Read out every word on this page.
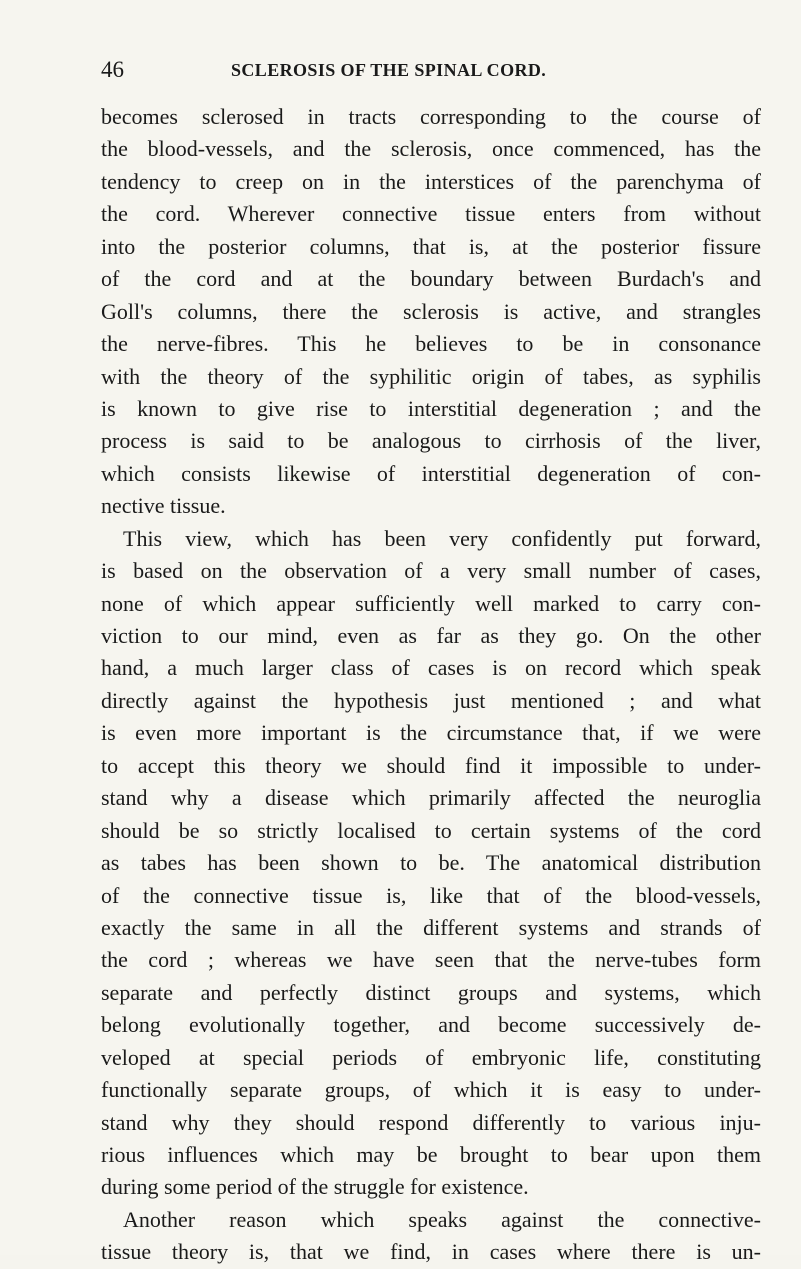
46	SCLEROSIS OF THE SPINAL CORD.
becomes sclerosed in tracts corresponding to the course of
the blood-vessels, and the sclerosis, once commenced, has the
tendency to creep on in the interstices of the parenchyma of
the cord. Wherever connective tissue enters from without
into the posterior columns, that is, at the posterior fissure
of the cord and at the boundary between Burdach's and
Goll's columns, there the sclerosis is active, and strangles
the nerve-fibres. This he believes to be in consonance
with the theory of the syphilitic origin of tabes, as syphilis
is known to give rise to interstitial degeneration ; and the
process is said to be analogous to cirrhosis of the liver,
which consists likewise of interstitial degeneration of con-
nective tissue.
This view, which has been very confidently put forward,
is based on the observation of a very small number of cases,
none of which appear sufficiently well marked to carry con-
viction to our mind, even as far as they go. On the other
hand, a much larger class of cases is on record which speak
directly against the hypothesis just mentioned ; and what
is even more important is the circumstance that, if we were
to accept this theory we should find it impossible to under-
stand why a disease which primarily affected the neuroglia
should be so strictly localised to certain systems of the cord
as tabes has been shown to be. The anatomical distribution
of the connective tissue is, like that of the blood-vessels,
exactly the same in all the different systems and strands of
the cord ; whereas we have seen that the nerve-tubes form
separate and perfectly distinct groups and systems, which
belong evolutionally together, and become successively de-
veloped at special periods of embryonic life, constituting
functionally separate groups, of which it is easy to under-
stand why they should respond differently to various inju-
rious influences which may be brought to bear upon them
during some period of the struggle for existence.
Another reason which speaks against the connective-
tissue theory is, that we find, in cases where there is un-
